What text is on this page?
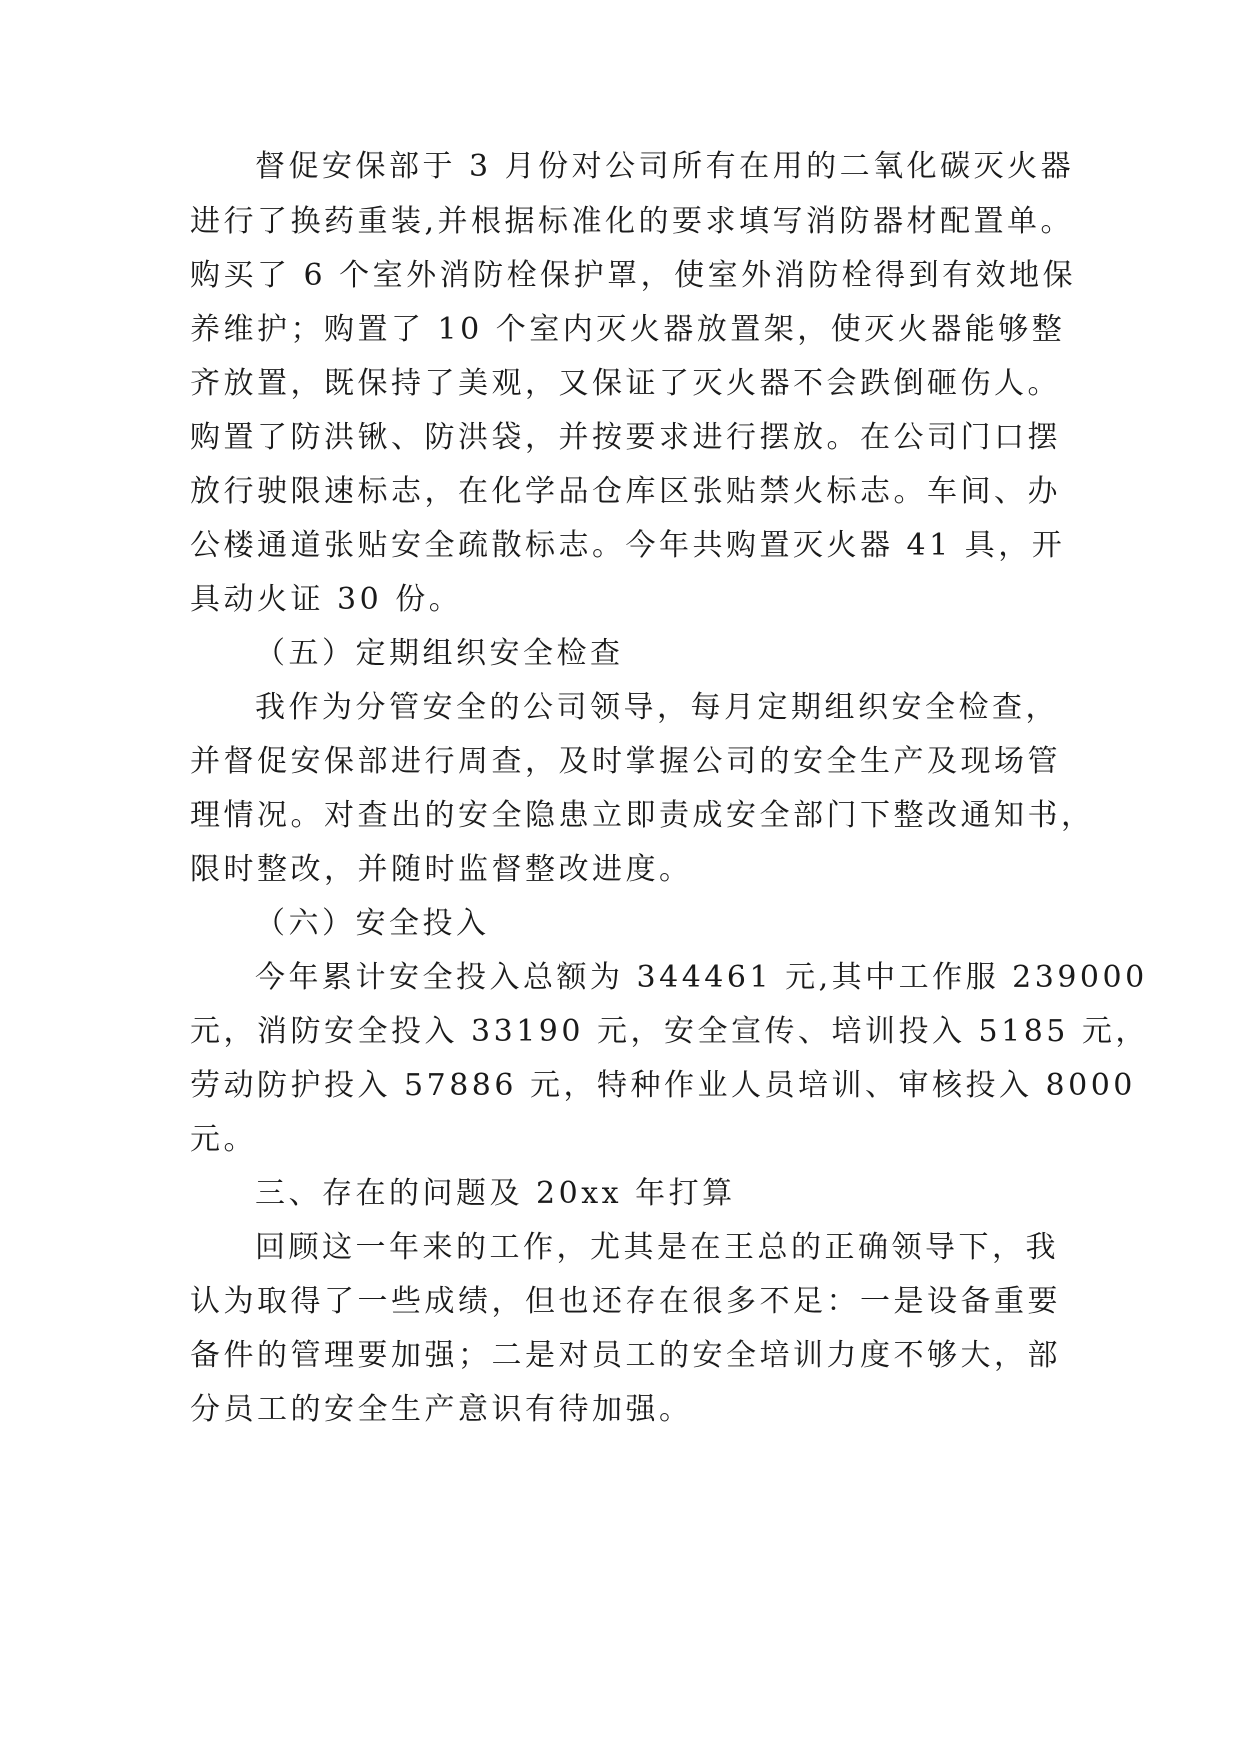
督促安保部于 3 月份对公司所有在用的二氧化碳灭火器
进行了换药重装,并根据标准化的要求填写消防器材配置单。
购买了 6 个室外消防栓保护罩，使室外消防栓得到有效地保
养维护；购置了 10 个室内灭火器放置架，使灭火器能够整
齐放置，既保持了美观，又保证了灭火器不会跌倒砸伤人。
购置了防洪锹、防洪袋，并按要求进行摆放。在公司门口摆
放行驶限速标志，在化学品仓库区张贴禁火标志。车间、办
公楼通道张贴安全疏散标志。今年共购置灭火器 41 具，开
具动火证 30 份。
（五）定期组织安全检查
我作为分管安全的公司领导，每月定期组织安全检查，
并督促安保部进行周查，及时掌握公司的安全生产及现场管
理情况。对查出的安全隐患立即责成安全部门下整改通知书，
限时整改，并随时监督整改进度。
（六）安全投入
今年累计安全投入总额为 344461 元,其中工作服 239000
元，消防安全投入 33190 元，安全宣传、培训投入 5185 元，
劳动防护投入 57886 元，特种作业人员培训、审核投入 8000
元。
三、存在的问题及 20xx 年打算
回顾这一年来的工作，尤其是在王总的正确领导下，我
认为取得了一些成绩，但也还存在很多不足：一是设备重要
备件的管理要加强；二是对员工的安全培训力度不够大，部
分员工的安全生产意识有待加强。
